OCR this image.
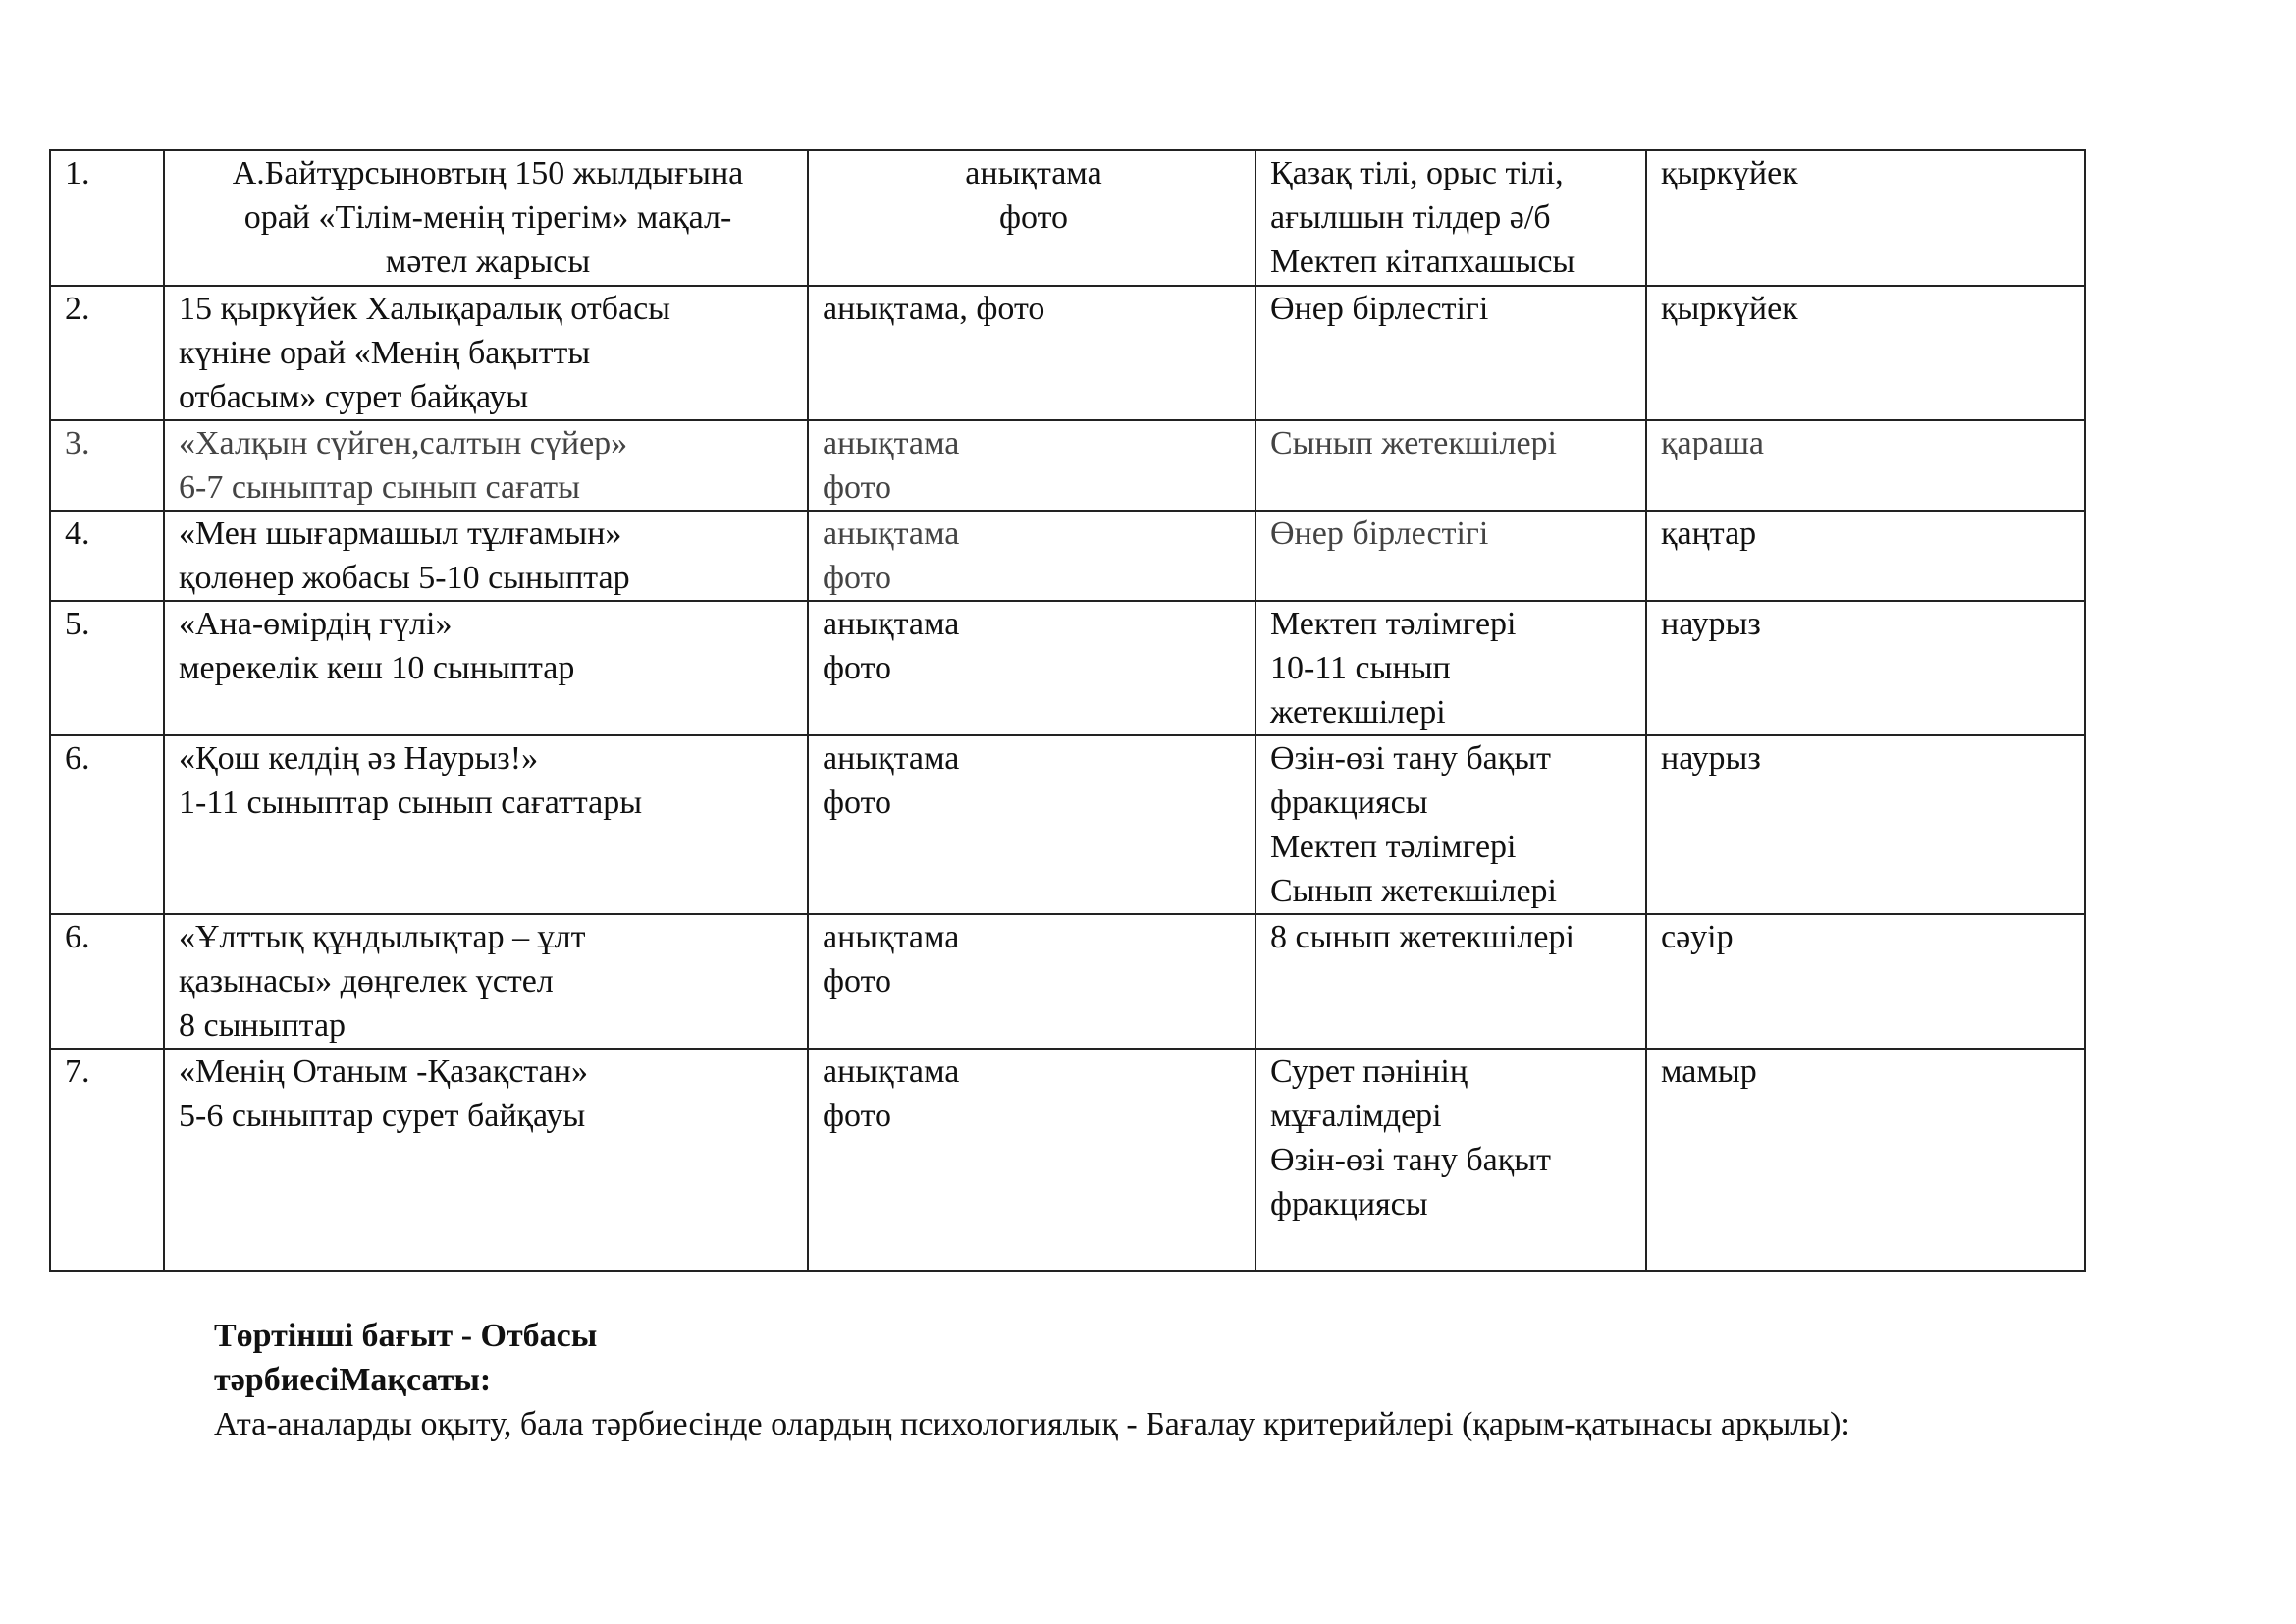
1.	А.Байтұрсыновтың 150 жылдығына
орай «Тілім-менің тірегім» мақал-
мәтел жарысы	анықтама
фото	Қазақ тілі, орыс тілі,
ағылшын тілдер ә/б
Мектеп кітапхашысы	қыркүйек
2.	15 қыркүйек Халықаралық отбасы
күніне орай «Менің бақытты
отбасым» сурет байқауы	анықтама, фото	Өнер бірлестігі	қыркүйек
3.	«Халқын сүйген,салтын сүйер»
6-7 сыныптар сынып сағаты	анықтама
фото	Сынып жетекшілері	қараша
4.	«Мен шығармашыл тұлғамын»
қолөнер жобасы 5-10 сыныптар	анықтама
фото	Өнер бірлестігі	қаңтар
5.	«Ана-өмірдің гүлі»
мерекелік кеш 10 сыныптар	анықтама
фото	Мектеп тәлімгері
10-11 сынып
жетекшілері	наурыз
6.	«Қош келдің әз Наурыз!»
1-11 сыныптар сынып сағаттары	анықтама
фото	Өзін-өзі тану бақыт
фракциясы
Мектеп тәлімгері
Сынып жетекшілері	наурыз
6.	«Ұлттық құндылықтар – ұлт
қазынасы» дөңгелек үстел
8 сыныптар	анықтама
фото	8 сынып жетекшілері	сәуір
7.	«Менің Отаным -Қазақстан»
5-6 сыныптар сурет байқауы	анықтама
фото	Сурет пәнінің
мұғалімдері
Өзін-өзі тану бақыт
фракциясы	мамыр
Төртінші бағыт - Отбасы
тәрбиесіМақсаты:
Ата-аналарды оқыту, бала тәрбиесінде олардың психологиялық - Бағалау критерийлері (қарым-қатынасы арқылы):
